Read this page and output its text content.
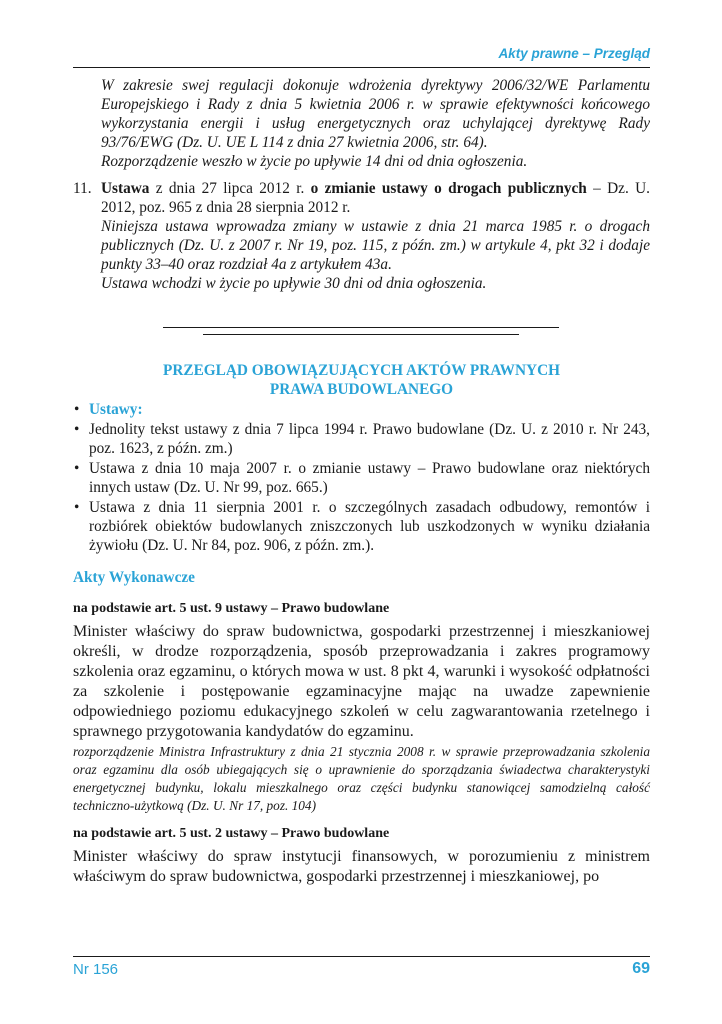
Akty prawne – Przegląd
W zakresie swej regulacji dokonuje wdrożenia dyrektywy 2006/32/WE Parlamentu Europejskiego i Rady z dnia 5 kwietnia 2006 r. w sprawie efektywności końcowego wykorzystania energii i usług energetycznych oraz uchylającej dyrektywę Rady 93/76/EWG (Dz. U. UE L 114 z dnia 27 kwietnia 2006, str. 64).
Rozporządzenie weszło w życie po upływie 14 dni od dnia ogłoszenia.
11. Ustawa z dnia 27 lipca 2012 r. o zmianie ustawy o drogach publicznych – Dz. U. 2012, poz. 965 z dnia 28 sierpnia 2012 r.
Niniejsza ustawa wprowadza zmiany w ustawie z dnia 21 marca 1985 r. o drogach publicznych (Dz. U. z 2007 r. Nr 19, poz. 115, z późn. zm.) w artykule 4, pkt 32 i dodaje punkty 33–40 oraz rozdział 4a z artykułem 43a.
Ustawa wchodzi w życie po upływie 30 dni od dnia ogłoszenia.
PRZEGLĄD OBOWIĄZUJĄCYCH AKTÓW PRAWNYCH
PRAWA BUDOWLANEGO
• Ustawy:
• Jednolity tekst ustawy z dnia 7 lipca 1994 r. Prawo budowlane (Dz. U. z 2010 r. Nr 243, poz. 1623, z późn. zm.)
• Ustawa z dnia 10 maja 2007 r. o zmianie ustawy – Prawo budowlane oraz niektórych innych ustaw (Dz. U. Nr 99, poz. 665.)
• Ustawa z dnia 11 sierpnia 2001 r. o szczególnych zasadach odbudowy, remontów i rozbiórek obiektów budowlanych zniszczonych lub uszkodzonych w wyniku działania żywiołu (Dz. U. Nr 84, poz. 906, z późn. zm.).
Akty Wykonawcze
na podstawie art. 5 ust. 9 ustawy – Prawo budowlane
Minister właściwy do spraw budownictwa, gospodarki przestrzennej i mieszkaniowej określi, w drodze rozporządzenia, sposób przeprowadzania i zakres programowy szkolenia oraz egzaminu, o których mowa w ust. 8 pkt 4, warunki i wysokość odpłatności za szkolenie i postępowanie egzaminacyjne mając na uwadze zapewnienie odpowiedniego poziomu edukacyjnego szkoleń w celu zagwarantowania rzetelnego i sprawnego przygotowania kandydatów do egzaminu.
rozporządzenie Ministra Infrastruktury z dnia 21 stycznia 2008 r. w sprawie przeprowadzania szkolenia oraz egzaminu dla osób ubiegających się o uprawnienie do sporządzania świadectwa charakterystyki energetycznej budynku, lokalu mieszkalnego oraz części budynku stanowiącej samodzielną całość techniczno-użytkową (Dz. U. Nr 17, poz. 104)
na podstawie art. 5 ust. 2 ustawy – Prawo budowlane
Minister właściwy do spraw instytucji finansowych, w porozumieniu z ministrem właściwym do spraw budownictwa, gospodarki przestrzennej i mieszkaniowej, po
Nr 156	69
